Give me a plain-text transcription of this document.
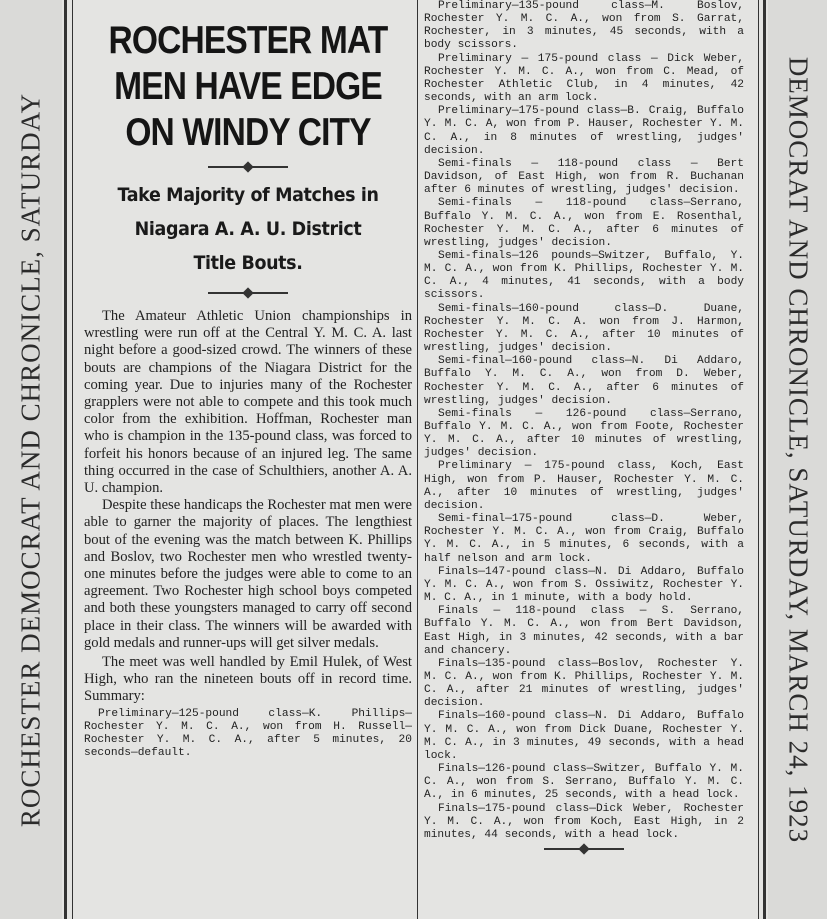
ROCHESTER DEMOCRAT AND CHRONICLE, SATURDAY
ROCHESTER MAT
MEN HAVE EDGE
ON WINDY CITY
Take Majority of Matches in
Niagara A. A. U. District
Title Bouts.

The Amateur Athletic Union championships in wrestling were run off at the Central Y. M. C. A. last night before a good-sized crowd. The winners of these bouts are champions of the Niagara District for the coming year. Due to injuries many of the Rochester grapplers were not able to compete and this took much color from the exhibition. Hoffman, Rochester man who is champion in the 135-pound class, was forced to forfeit his honors because of an injured leg. The same thing occurred in the case of Schulthiers, another A. A. U. champion.

Despite these handicaps the Rochester mat men were able to garner the majority of places. The lengthiest bout of the evening was the match between K. Phillips and Boslov, two Rochester men who wrestled twenty-one minutes before the judges were able to come to an agreement. Two Rochester high school boys competed and both these youngsters managed to carry off second place in their class. The winners will be awarded with gold medals and runner-ups will get silver medals.

The meet was well handled by Emil Hulek, of West High, who ran the nineteen bouts off in record time. Summary:

Preliminary—125-pound class—K. Phillips—Rochester Y. M. C. A., won from H. Russell—Rochester Y. M. C. A., after 5 minutes, 20 seconds—default.

Preliminary—135-pound class—M. Boslov, Rochester Y. M. C. A., won from S. Garrat, Rochester, in 3 minutes, 45 seconds, with a body scissors.

Preliminary — 175-pound class — Dick Weber, Rochester Y. M. C. A., won from C. Mead, of Rochester Athletic Club, in 4 minutes, 42 seconds, with an arm lock.

Preliminary—175-pound class—B. Craig, Buffalo Y. M. C. A, won from P. Hauser, Rochester Y. M. C. A., in 8 minutes of wrestling, judges' decision.

Semi-finals — 118-pound class — Bert Davidson, of East High, won from R. Buchanan after 6 minutes of wrestling, judges' decision.

Semi-finals — 118-pound class—Serrano, Buffalo Y. M. C. A., won from E. Rosenthal, Rochester Y. M. C. A., after 6 minutes of wrestling, judges' decision.

Semi-finals—126 pounds—Switzer, Buffalo, Y. M. C. A., won from K. Phillips, Rochester Y. M. C. A., 4 minutes, 41 seconds, with a body scissors.

Semi-finals—160-pound class—D. Duane, Rochester Y. M. C. A. won from J. Harmon, Rochester Y. M. C. A., after 10 minutes of wrestling, judges' decision.

Semi-final—160-pound class—N. Di Addaro, Buffalo Y. M. C. A., won from D. Weber, Rochester Y. M. C. A., after 6 minutes of wrestling, judges' decision.

Semi-finals — 126-pound class—Serrano, Buffalo Y. M. C. A., won from Foote, Rochester Y. M. C. A., after 10 minutes of wrestling, judges' decision.

Preliminary — 175-pound class, Koch, East High, won from P. Hauser, Rochester Y. M. C. A., after 10 minutes of wrestling, judges' decision.

Semi-final—175-pound class—D. Weber, Rochester Y. M. C. A., won from Craig, Buffalo Y. M. C. A., in 5 minutes, 6 seconds, with a half nelson and arm lock.

Finals—147-pound class—N. Di Addaro, Buffalo Y. M. C. A., won from S. Ossiwitz, Rochester Y. M. C. A., in 1 minute, with a body hold.

Finals — 118-pound class — S. Serrano, Buffalo Y. M. C. A., won from Bert Davidson, East High, in 3 minutes, 42 seconds, with a bar and chancery.

Finals—135-pound class—Boslov, Rochester Y. M. C. A., won from K. Phillips, Rochester Y. M. C. A., after 21 minutes of wrestling, judges' decision.

Finals—160-pound class—N. Di Addaro, Buffalo Y. M. C. A., won from Dick Duane, Rochester Y. M. C. A., in 3 minutes, 49 seconds, with a head lock.

Finals—126-pound class—Switzer, Buffalo Y. M. C. A., won from S. Serrano, Buffalo Y. M. C. A., in 6 minutes, 25 seconds, with a head lock.

Finals—175-pound class—Dick Weber, Rochester Y. M. C. A., won from Koch, East High, in 2 minutes, 44 seconds, with a head lock.	DEMOCRAT AND CHRONICLE, SATURDAY, MARCH 24, 1923
